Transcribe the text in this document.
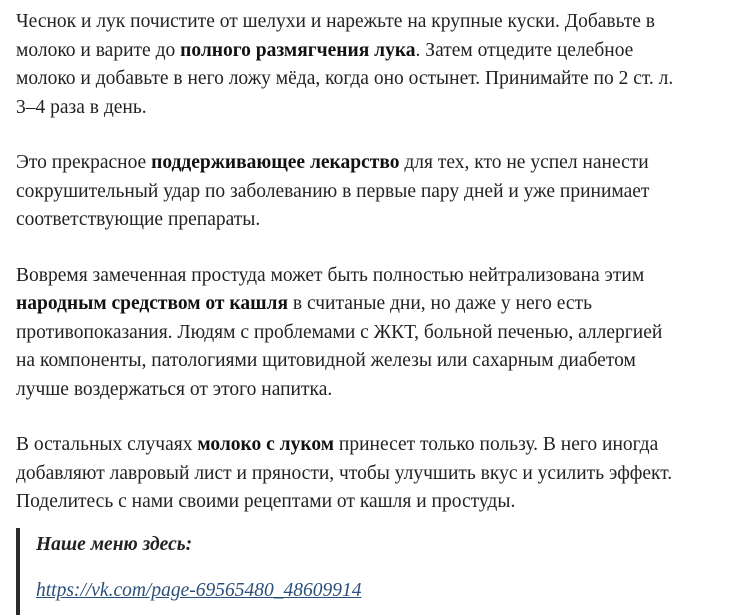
Чеснок и лук почистите от шелухи и нарежьте на крупные куски. Добавьте в
молоко и варите до полного размягчения лука. Затем отцедите целебное
молоко и добавьте в него ложу мёда, когда оно остынет. Принимайте по 2 ст. л.
3–4 раза в день.

Это прекрасное поддерживающее лекарство для тех, кто не успел нанести
сокрушительный удар по заболеванию в первые пару дней и уже принимает
соответствующие препараты.

Вовремя замеченная простуда может быть полностью нейтрализована этим
народным средством от кашля в считаные дни, но даже у него есть
противопоказания. Людям с проблемами с ЖКТ, больной печенью, аллергией
на компоненты, патологиями щитовидной железы или сахарным диабетом
лучше воздержаться от этого напитка.

В остальных случаях молоко с луком принесет только пользу. В него иногда
добавляют лавровый лист и пряности, чтобы улучшить вкус и усилить эффект.
Поделитесь с нами своими рецептами от кашля и простуды.

Наше меню здесь:
https://vk.com/page-69565480_48609914
